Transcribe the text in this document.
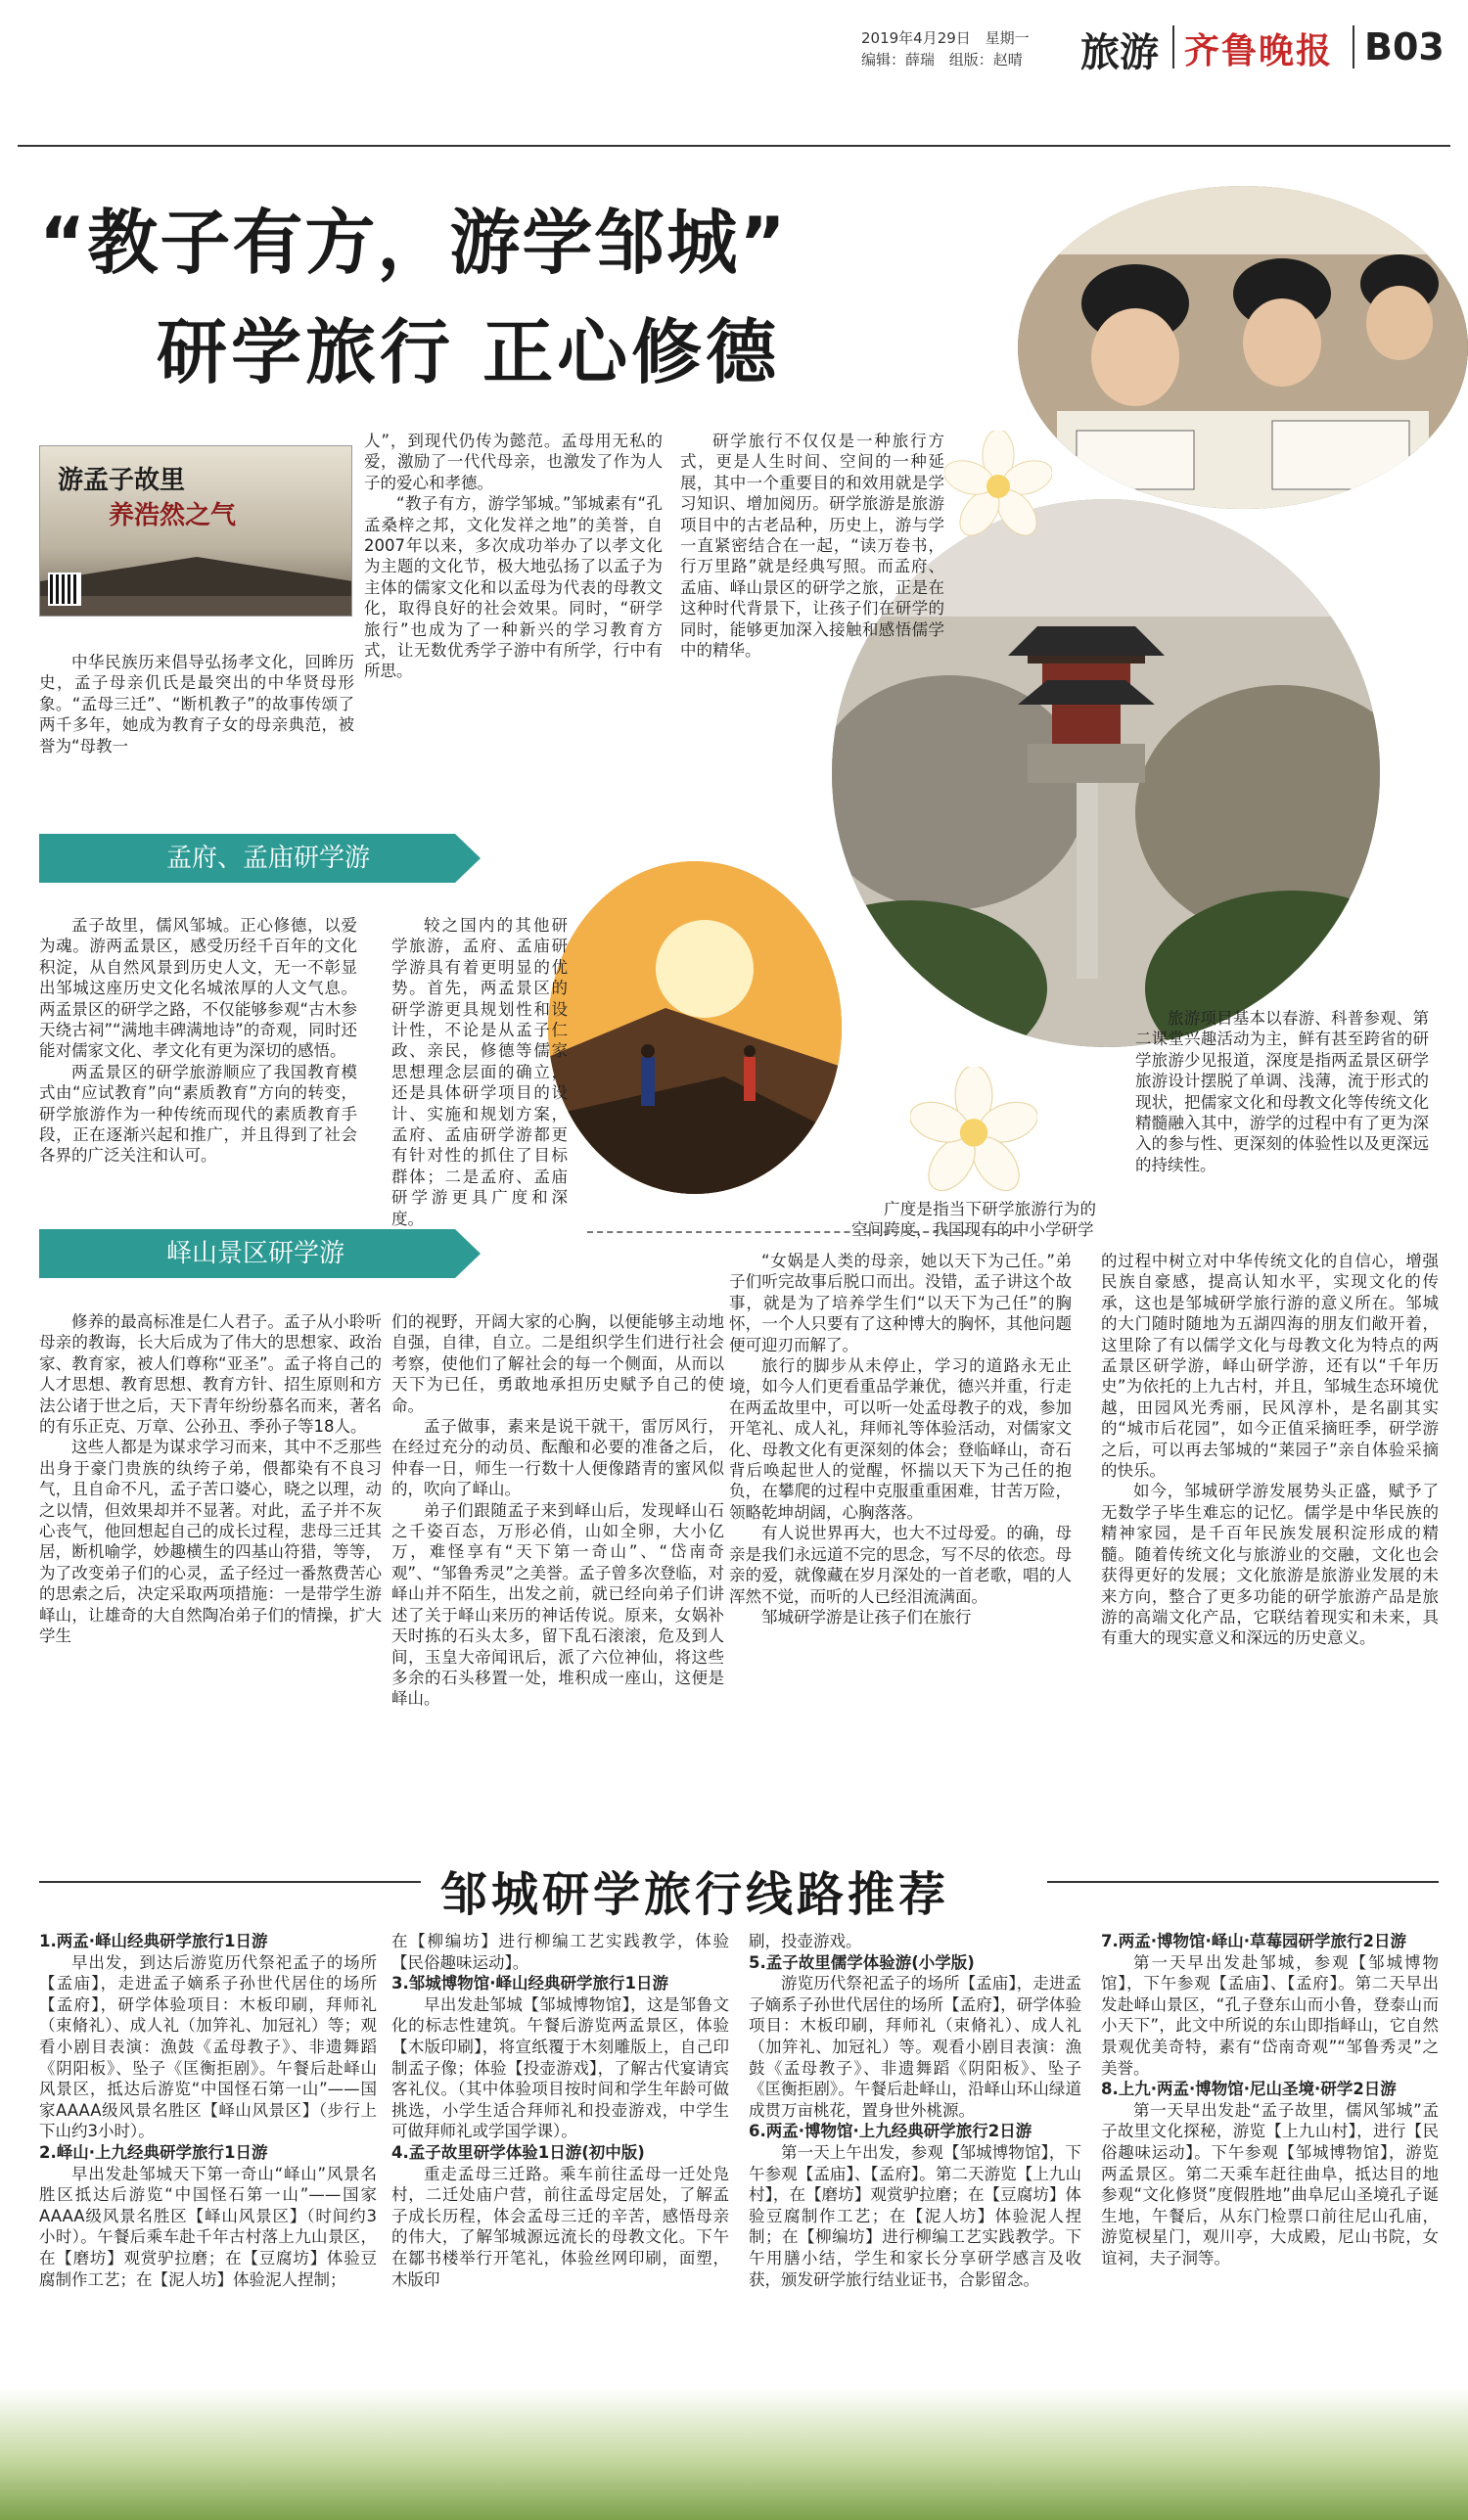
2019年4月29日 星期一
编辑：薛瑞 组版：赵晴 旅游 齐鲁晚报 B03
“教子有方，游学邹城”
研学旅行 正心修德
游孟子故里
养浩然之气

中华民族历来倡导弘扬孝文化，回眸历史，孟子母亲仉氏是最突出的中华贤母形象。“孟母三迁”、“断机教子”的故事传颂了两千多年，她成为教育子女的母亲典范，被誉为“母教一

人”，到现代仍传为懿范。孟母用无私的爱，激励了一代代母亲，也激发了作为人子的爱心和孝德。

“教子有方，游学邹城。”邹城素有“孔孟桑梓之邦，文化发祥之地”的美誉，自2007年以来，多次成功举办了以孝文化为主题的文化节，极大地弘扬了以孟子为主体的儒家文化和以孟母为代表的母教文化，取得良好的社会效果。同时，“研学旅行”也成为了一种新兴的学习教育方式，让无数优秀学子游中有所学，行中有所思。

研学旅行不仅仅是一种旅行方式，更是人生时间、空间的一种延展，其中一个重要目的和效用就是学习知识、增加阅历。研学旅游是旅游项目中的古老品种，历史上，游与学一直紧密结合在一起，“读万卷书，行万里路”就是经典写照。而孟府、孟庙、峄山景区的研学之旅，正是在这种时代背景下，让孩子们在研学的同时，能够更加深入接触和感悟儒学中的精华。

孟府、孟庙研学游

孟子故里，儒风邹城。正心修德，以爱为魂。游两孟景区，感受历经千百年的文化积淀，从自然风景到历史人文，无一不彰显出邹城这座历史文化名城浓厚的人文气息。两孟景区的研学之路，不仅能够参观“古木参天绕古祠”“满地丰碑满地诗”的奇观，同时还能对儒家文化、孝文化有更为深切的感悟。

两孟景区的研学旅游顺应了我国教育模式由“应试教育”向“素质教育”方向的转变，研学旅游作为一种传统而现代的素质教育手段，正在逐渐兴起和推广，并且得到了社会各界的广泛关注和认可。

较之国内的其他研学旅游，孟府、孟庙研学游具有着更明显的优势。首先，两孟景区的研学游更具规划性和设计性，不论是从孟子仁政、亲民，修德等儒家思想理念层面的确立，还是具体研学项目的设计、实施和规划方案，孟府、孟庙研学游都更有针对性的抓住了目标群体；二是孟府、孟庙研学游更具广度和深度。

旅游项目基本以春游、科普参观、第二课堂兴趣活动为主，鲜有甚至跨省的研学旅游少见报道，深度是指两孟景区研学旅游设计摆脱了单调、浅薄，流于形式的现状，把儒家文化和母教文化等传统文化精髓融入其中，游学的过程中有了更为深入的参与性、更深刻的体验性以及更深远的持续性。

广度是指当下研学旅游行为的空间跨度，我国现有的中小学研学

峄山景区研学游

修养的最高标准是仁人君子。孟子从小聆听母亲的教诲，长大后成为了伟大的思想家、政治家、教育家，被人们尊称“亚圣”。孟子将自己的人才思想、教育思想、教育方针、招生原则和方法公诸于世之后，天下青年纷纷慕名而来，著名的有乐正克、万章、公孙丑、季孙子等18人。

这些人都是为谋求学习而来，其中不乏那些出身于豪门贵族的纨绔子弟，偎都染有不良习气，且自命不凡，孟子苦口婆心，晓之以理，动之以情，但效果却并不显著。对此，孟子并不灰心丧气，他回想起自己的成长过程，悲母三迁其居，断机喻学，妙趣横生的四基山符猎，等等，为了改变弟子们的心灵，孟子经过一番熬费苦心的思索之后，决定采取两项措施：一是带学生游峄山，让雄奇的大自然陶冶弟子们的情操，扩大学生

们的视野，开阔大家的心胸，以便能够主动地自强，自律，自立。二是组织学生们进行社会考察，使他们了解社会的每一个侧面，从而以天下为已任，勇敢地承担历史赋予自己的使命。

孟子做事，素来是说干就干，雷厉风行，在经过充分的动员、酝酿和必要的准备之后，仲春一日，师生一行数十人便像踏青的蜜风似的，吹向了峄山。

弟子们跟随孟子来到峄山后，发现峄山石之千姿百态，万形必俏，山如全卵，大小亿万，难怪享有“天下第一奇山”、“岱南奇观”、“邹鲁秀灵”之美誉。孟子曾多次登临，对峄山并不陌生，出发之前，就已经向弟子们讲述了关于峄山来历的神话传说。原来，女娲补天时拣的石头太多，留下乱石滚滚，危及到人间，玉皇大帝闻讯后，派了六位神仙，将这些多余的石头移置一处，堆积成一座山，这便是峄山。

“女娲是人类的母亲，她以天下为己任。”弟子们听完故事后脱口而出。没错，孟子讲这个故事，就是为了培养学生们“以天下为己任”的胸怀，一个人只要有了这种博大的胸怀，其他问题便可迎刃而解了。

旅行的脚步从未停止，学习的道路永无止境，如今人们更看重品学兼优，德兴并重，行走在两孟故里中，可以听一处孟母教子的戏，参加开笔礼、成人礼，拜师礼等体验活动，对儒家文化、母教文化有更深刻的体会；登临峄山，奇石背后唤起世人的觉醒，怀揣以天下为己任的抱负，在攀爬的过程中克服重重困难，甘苦万险，领略乾坤胡阔，心胸落落。

有人说世界再大，也大不过母爱。的确，母亲是我们永远道不完的思念，写不尽的依恋。母亲的爱，就像藏在岁月深处的一首老歌，唱的人浑然不觉，而听的人已经泪流满面。

邹城研学游是让孩子们在旅行

的过程中树立对中华传统文化的自信心，增强民族自豪感，提高认知水平，实现文化的传承，这也是邹城研学旅行游的意义所在。邹城的大门随时随地为五湖四海的朋友们敞开着，这里除了有以儒学文化与母教文化为特点的两孟景区研学游，峄山研学游，还有以“千年历史”为依托的上九古村，并且，邹城生态环境优越，田园风光秀丽，民风淳朴，是名副其实的“城市后花园”，如今正值采摘旺季，研学游之后，可以再去邹城的“莱园子”亲自体验采摘的快乐。

如今，邹城研学游发展势头正盛，赋予了无数学子毕生难忘的记忆。儒学是中华民族的精神家园，是千百年民族发展积淀形成的精髓。随着传统文化与旅游业的交融，文化也会获得更好的发展；文化旅游是旅游业发展的未来方向，整合了更多功能的研学旅游产品是旅游的高端文化产品，它联结着现实和未来，具有重大的现实意义和深远的历史意义。

邹城研学旅行线路推荐
1.两孟·峄山经典研学旅行1日游

早出发，到达后游览历代祭祀孟子的场所【孟庙】，走进孟子嫡系子孙世代居住的场所【孟府】，研学体验项目：木板印刷，拜师礼（束脩礼）、成人礼（加笄礼、加冠礼）等；观看小剧目表演：漁鼓《孟母教子》、非遗舞蹈《阴阳板》、坠子《匡衡拒剧》。午餐后赴峄山风景区，抵达后游览“中国怪石第一山”——国家AAAA级风景名胜区【峄山风景区】（步行上下山约3小时）。

2.峄山·上九经典研学旅行1日游

早出发赴邹城天下第一奇山“峄山”风景名胜区抵达后游览“中国怪石第一山”——国家AAAA级风景名胜区【峄山风景区】（时间约3小时）。午餐后乘车赴千年古村落上九山景区，在【磨坊】观赏驴拉磨；在【豆腐坊】体验豆腐制作工艺；在【泥人坊】体验泥人捏制；

在【柳编坊】进行柳编工艺实践教学，体验【民俗趣味运动】。

3.邹城博物馆·峄山经典研学旅行1日游

早出发赴邹城【邹城博物馆】，这是邹鲁文化的标志性建筑。午餐后游览两孟景区，体验【木版印刷】，将宣纸覆于木刻雕版上，自己印制孟子像；体验【投壶游戏】，了解古代宴请宾客礼仪。（其中体验项目按时间和学生年龄可做挑选，小学生适合拜师礼和投壶游戏，中学生可做拜师礼或学国学课）。

4.孟子故里研学体验1日游(初中版)

重走孟母三迁路。乘车前往孟母一迁处凫村，二迁处庙户营，前往孟母定居处，了解孟子成长历程，体会孟母三迁的辛苦，感悟母亲的伟大，了解邹城源远流长的母教文化。下午在鄒书楼举行开笔礼，体验丝网印刷，面塑，木版印

刷，投壶游戏。

5.孟子故里儒学体验游(小学版)

游览历代祭祀孟子的场所【孟庙】，走进孟子嫡系子孙世代居住的场所【孟府】，研学体验项目：木板印刷，拜师礼（束脩礼）、成人礼（加笄礼、加冠礼）等。观看小剧目表演：漁鼓《孟母教子》、非遗舞蹈《阴阳板》、坠子《匡衡拒剧》。午餐后赴峄山，沿峄山环山绿道成贯万亩桃花，置身世外桃源。

6.两孟·博物馆·上九经典研学旅行2日游

第一天上午出发，参观【邹城博物馆】，下午参观【孟庙】、【孟府】。第二天游览【上九山村】，在【磨坊】观赏驴拉磨；在【豆腐坊】体验豆腐制作工艺；在【泥人坊】体验泥人捏制；在【柳编坊】进行柳编工艺实践教学。下午用膳小结，学生和家长分享研学感言及收获，颁发研学旅行结业证书，合影留念。

7.两孟·博物馆·峄山·草莓园研学旅行2日游

第一天早出发赴邹城，参观【邹城博物馆】，下午参观【孟庙】、【孟府】。第二天早出发赴峄山景区，“孔子登东山而小鲁，登泰山而小天下”，此文中所说的东山即指峄山，它自然景观优美奇特，素有“岱南奇观”“邹鲁秀灵”之美誉。

8.上九·两孟·博物馆·尼山圣境·研学2日游

第一天早出发赴“孟子故里，儒风邹城”孟子故里文化探秘，游览【上九山村】，进行【民俗趣味运动】。下午参观【邹城博物馆】，游览两孟景区。第二天乘车赶往曲阜，抵达目的地参观“文化修贤”度假胜地”曲阜尼山圣境孔子诞生地，午餐后，从东门检票口前往尼山孔庙，游览棂星门，观川亭，大成殿，尼山书院，女谊祠，夫子洞等。
